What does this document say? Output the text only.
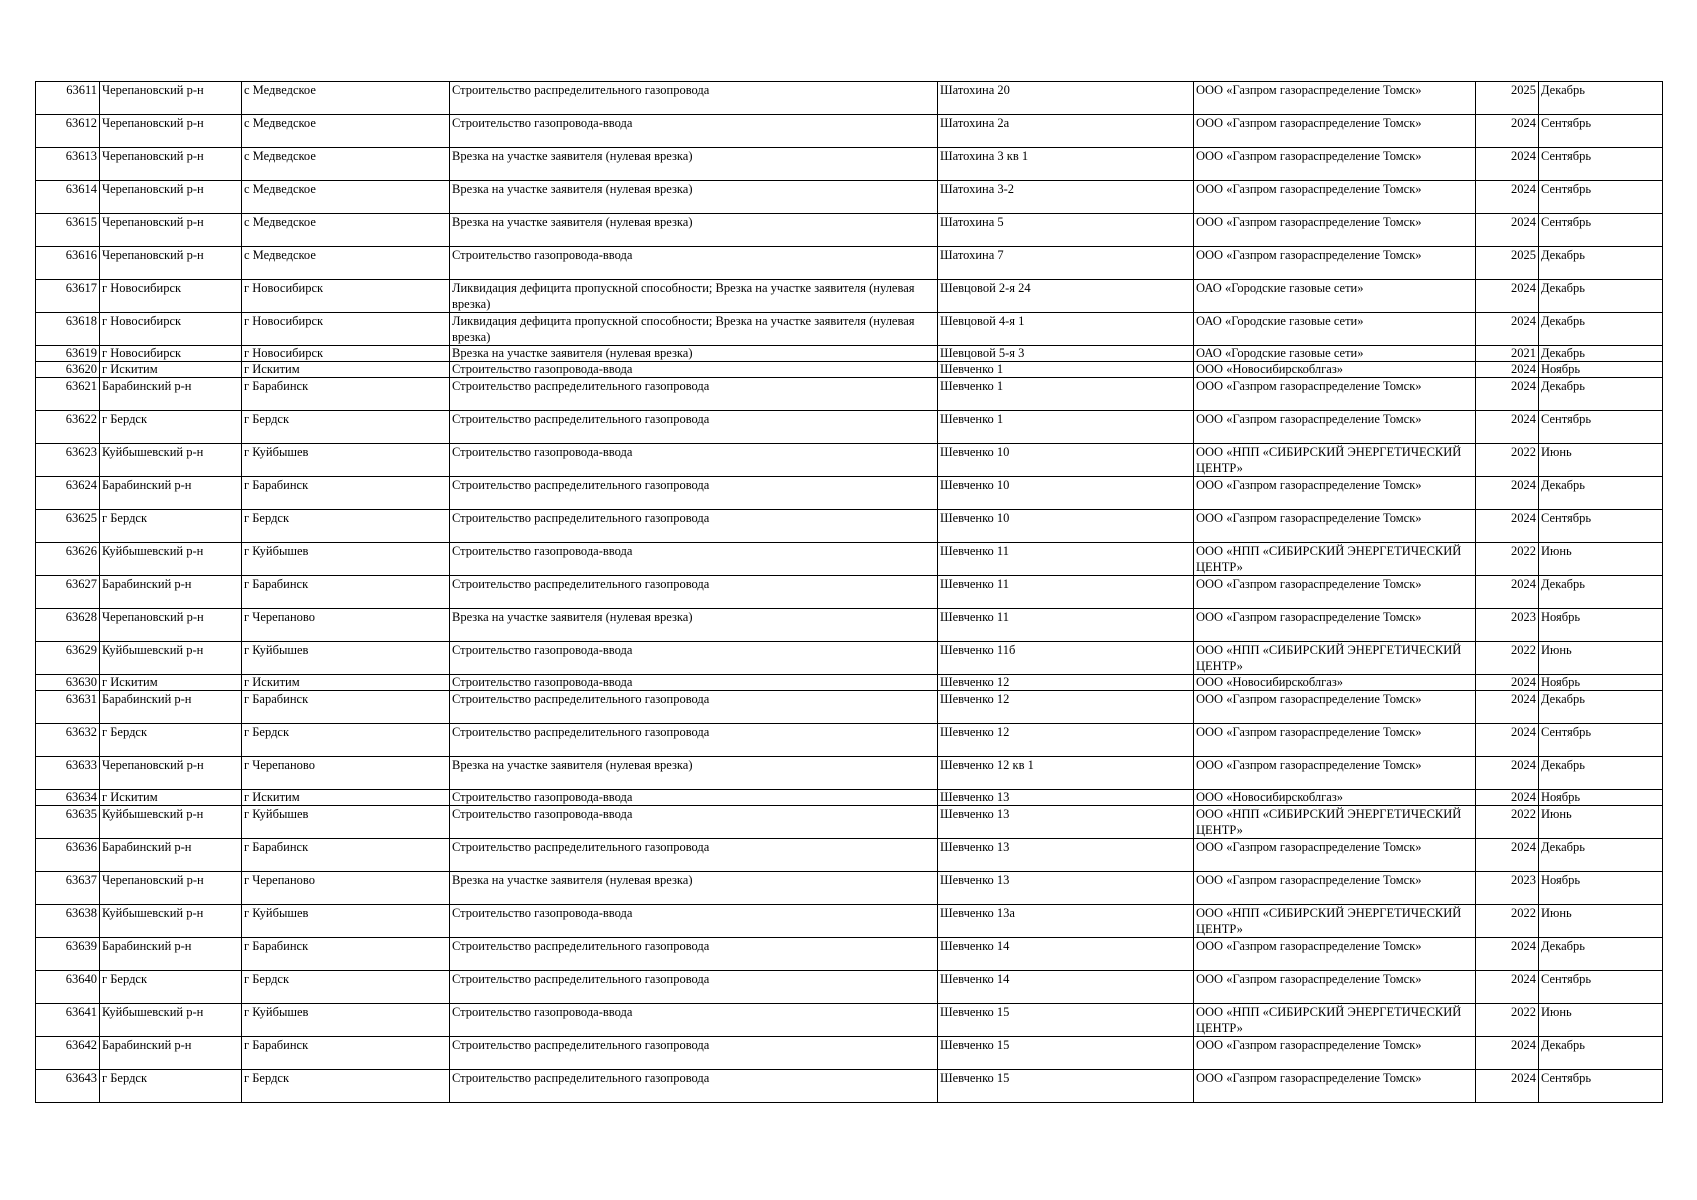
63611	Черепановский р-н	с Медведское	Строительство распределительного газопровода	Шатохина 20	ООО «Газпром газораспределение Томск»	2025	Декабрь
63612	Черепановский р-н	с Медведское	Строительство газопровода-ввода	Шатохина 2а	ООО «Газпром газораспределение Томск»	2024	Сентябрь
63613	Черепановский р-н	с Медведское	Врезка на участке заявителя (нулевая врезка)	Шатохина 3 кв 1	ООО «Газпром газораспределение Томск»	2024	Сентябрь
63614	Черепановский р-н	с Медведское	Врезка на участке заявителя (нулевая врезка)	Шатохина 3-2	ООО «Газпром газораспределение Томск»	2024	Сентябрь
63615	Черепановский р-н	с Медведское	Врезка на участке заявителя (нулевая врезка)	Шатохина 5	ООО «Газпром газораспределение Томск»	2024	Сентябрь
63616	Черепановский р-н	с Медведское	Строительство газопровода-ввода	Шатохина 7	ООО «Газпром газораспределение Томск»	2025	Декабрь
63617	г Новосибирск	г Новосибирск	Ликвидация дефицита пропускной способности; Врезка на участке заявителя (нулевая врезка)	Шевцовой 2-я 24	ОАО «Городские газовые сети»	2024	Декабрь
63618	г Новосибирск	г Новосибирск	Ликвидация дефицита пропускной способности; Врезка на участке заявителя (нулевая врезка)	Шевцовой 4-я 1	ОАО «Городские газовые сети»	2024	Декабрь
63619	г Новосибирск	г Новосибирск	Врезка на участке заявителя (нулевая врезка)	Шевцовой 5-я 3	ОАО «Городские газовые сети»	2021	Декабрь
63620	г Искитим	г Искитим	Строительство газопровода-ввода	Шевченко 1	ООО «Новосибирскоблгаз»	2024	Ноябрь
63621	Барабинский р-н	г Барабинск	Строительство распределительного газопровода	Шевченко 1	ООО «Газпром газораспределение Томск»	2024	Декабрь
63622	г Бердск	г Бердск	Строительство распределительного газопровода	Шевченко 1	ООО «Газпром газораспределение Томск»	2024	Сентябрь
63623	Куйбышевский р-н	г Куйбышев	Строительство газопровода-ввода	Шевченко 10	ООО «НПП «СИБИРСКИЙ ЭНЕРГЕТИЧЕСКИЙ ЦЕНТР»	2022	Июнь
63624	Барабинский р-н	г Барабинск	Строительство распределительного газопровода	Шевченко 10	ООО «Газпром газораспределение Томск»	2024	Декабрь
63625	г Бердск	г Бердск	Строительство распределительного газопровода	Шевченко 10	ООО «Газпром газораспределение Томск»	2024	Сентябрь
63626	Куйбышевский р-н	г Куйбышев	Строительство газопровода-ввода	Шевченко 11	ООО «НПП «СИБИРСКИЙ ЭНЕРГЕТИЧЕСКИЙ ЦЕНТР»	2022	Июнь
63627	Барабинский р-н	г Барабинск	Строительство распределительного газопровода	Шевченко 11	ООО «Газпром газораспределение Томск»	2024	Декабрь
63628	Черепановский р-н	г Черепаново	Врезка на участке заявителя (нулевая врезка)	Шевченко 11	ООО «Газпром газораспределение Томск»	2023	Ноябрь
63629	Куйбышевский р-н	г Куйбышев	Строительство газопровода-ввода	Шевченко 11б	ООО «НПП «СИБИРСКИЙ ЭНЕРГЕТИЧЕСКИЙ ЦЕНТР»	2022	Июнь
63630	г Искитим	г Искитим	Строительство газопровода-ввода	Шевченко 12	ООО «Новосибирскоблгаз»	2024	Ноябрь
63631	Барабинский р-н	г Барабинск	Строительство распределительного газопровода	Шевченко 12	ООО «Газпром газораспределение Томск»	2024	Декабрь
63632	г Бердск	г Бердск	Строительство распределительного газопровода	Шевченко 12	ООО «Газпром газораспределение Томск»	2024	Сентябрь
63633	Черепановский р-н	г Черепаново	Врезка на участке заявителя (нулевая врезка)	Шевченко 12 кв 1	ООО «Газпром газораспределение Томск»	2024	Декабрь
63634	г Искитим	г Искитим	Строительство газопровода-ввода	Шевченко 13	ООО «Новосибирскоблгаз»	2024	Ноябрь
63635	Куйбышевский р-н	г Куйбышев	Строительство газопровода-ввода	Шевченко 13	ООО «НПП «СИБИРСКИЙ ЭНЕРГЕТИЧЕСКИЙ ЦЕНТР»	2022	Июнь
63636	Барабинский р-н	г Барабинск	Строительство распределительного газопровода	Шевченко 13	ООО «Газпром газораспределение Томск»	2024	Декабрь
63637	Черепановский р-н	г Черепаново	Врезка на участке заявителя (нулевая врезка)	Шевченко 13	ООО «Газпром газораспределение Томск»	2023	Ноябрь
63638	Куйбышевский р-н	г Куйбышев	Строительство газопровода-ввода	Шевченко 13а	ООО «НПП «СИБИРСКИЙ ЭНЕРГЕТИЧЕСКИЙ ЦЕНТР»	2022	Июнь
63639	Барабинский р-н	г Барабинск	Строительство распределительного газопровода	Шевченко 14	ООО «Газпром газораспределение Томск»	2024	Декабрь
63640	г Бердск	г Бердск	Строительство распределительного газопровода	Шевченко 14	ООО «Газпром газораспределение Томск»	2024	Сентябрь
63641	Куйбышевский р-н	г Куйбышев	Строительство газопровода-ввода	Шевченко 15	ООО «НПП «СИБИРСКИЙ ЭНЕРГЕТИЧЕСКИЙ ЦЕНТР»	2022	Июнь
63642	Барабинский р-н	г Барабинск	Строительство распределительного газопровода	Шевченко 15	ООО «Газпром газораспределение Томск»	2024	Декабрь
63643	г Бердск	г Бердск	Строительство распределительного газопровода	Шевченко 15	ООО «Газпром газораспределение Томск»	2024	Сентябрь
